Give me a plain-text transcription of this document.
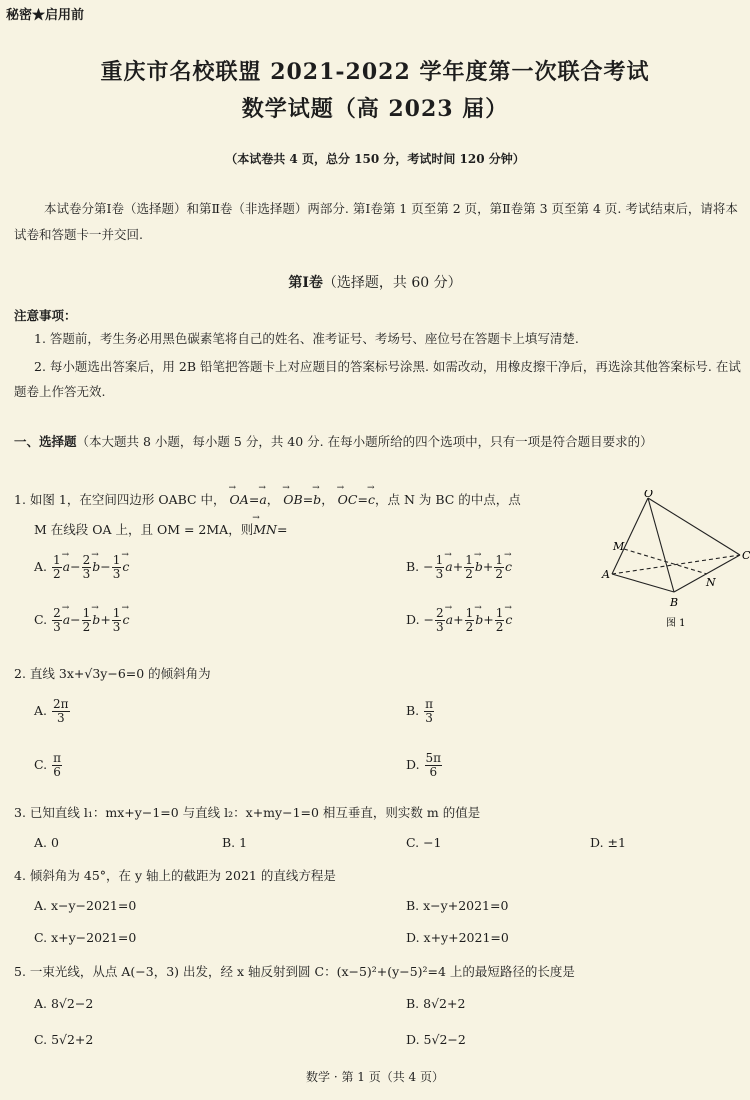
秘密★启用前
重庆市名校联盟 2021-2022 学年度第一次联合考试
数学试题（高 2023 届）
（本试卷共 4 页，总分 150 分，考试时间 120 分钟）
本试卷分第Ⅰ卷（选择题）和第Ⅱ卷（非选择题）两部分. 第Ⅰ卷第 1 页至第 2 页，第Ⅱ卷第 3 页至第 4 页. 考试结束后，请将本试卷和答题卡一并交回.
第Ⅰ卷（选择题，共 60 分）
注意事项：
1. 答题前，考生务必用黑色碳素笔将自己的姓名、准考证号、考场号、座位号在答题卡上填写清楚.
2. 每小题选出答案后，用 2B 铅笔把答题卡上对应题目的答案标号涂黑. 如需改动，用橡皮擦干净后，再选涂其他答案标号. 在试题卷上作答无效.
一、选择题（本大题共 8 小题，每小题 5 分，共 40 分. 在每小题所给的四个选项中，只有一项是符合题目要求的）
1. 如图 1，在空间四边形 OABC 中， → OA=→ a， → OB=→ b， → OC=→ c，点 N 为 BC 的中点，点
M 在线段 OA 上，且 OM = 2MA，则→ MN=
A. $\frac{1}{2}$
→ $a- \frac{2}{3}$
→ $b- \frac{1}{3}$
→ c	B. − $\frac{1}{3}$
→ $a+ \frac{1}{2}$
→ $b+ \frac{1}{2}$
→ c
C. $\frac{2}{3}$
→ $a- \frac{1}{2}$
→ $b+ \frac{1}{3}$
→ c	D. − $\frac{2}{3}$
→ $a+ \frac{1}{2}$
→ $b+ \frac{1}{2}$
→ c
O
M
A
B
C
N
图 1
2. 直线 3x+√3y−6=0 的倾斜角为
A. $\frac{2\pi}{3}$	B. $\frac{\pi}{3}$
C. $\frac{\pi}{6}$	D. $\frac{5\pi}{6}$
3. 已知直线 l₁：mx+y−1=0 与直线 l₂：x+my−1=0 相互垂直，则实数 m 的值是
A. 0	B. 1	C. −1	D. ±1
4. 倾斜角为 45°，在 y 轴上的截距为 2021 的直线方程是
A. x−y−2021=0	B. x−y+2021=0
C. x+y−2021=0	D. x+y+2021=0
5. 一束光线，从点 A(−3，3) 出发，经 x 轴反射到圆 C：(x−5)²+(y−5)²=4 上的最短路径的长度是
A. 8√2−2	B. 8√2+2
C. 5√2+2	D. 5√2−2
数学 · 第 1 页（共 4 页）
